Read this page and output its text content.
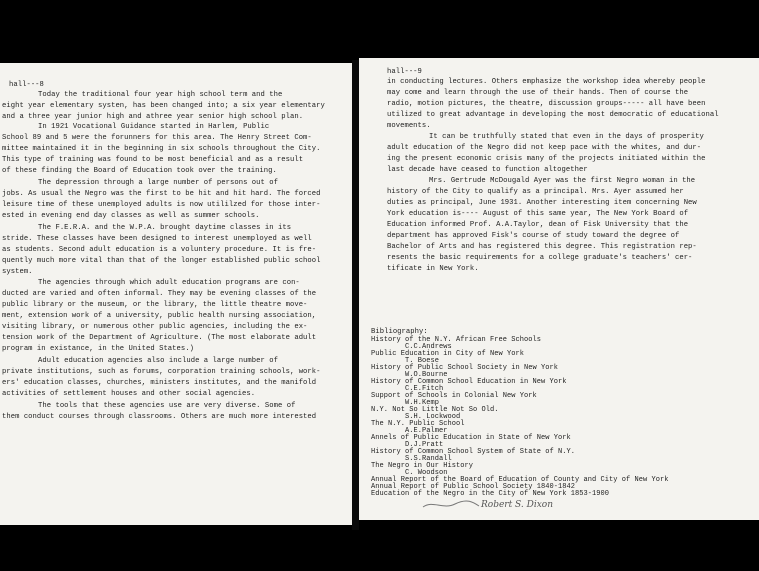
hall---8
Today the traditional four year high school term and the
eight year elementary systen, has been changed into; a six year elementary
and a three year junior high and athree year senior high school plan.
In 1921 Vocational Guidance started in Harlem, Public
School 89 and 5 were the forunners for this area. The Henry Street Com-
mittee maintained it in the beginning in six schools throughout the City.
This type of training was found to be most beneficial and as a result
of these finding the Board of Education took over the training.
The depression through a large number of persons out of
jobs. As usual the Negro was the first to be hit and hit hard. The forced
leisure time of these unemployed adults is now utililzed for those inter-
ested in evening end day classes as well as summer schools.
The F.E.R.A. and the W.P.A. brought daytime classes in its
stride. These classes have been designed to interest unemployed as well
as students. Second adult education is a voluntery procedure. It is fre-
quently much more vital than that of the longer established public school
system.
The agencies through which adult education programs are con-
ducted are varied and often informal. They may be evening classes of the
public library or the museum, or the library, the little theatre move-
ment, extension work of a university, public health nursing association,
visiting library, or numerous other public agencies, including the ex-
tension work of the Department of Agriculture. (The most elaborate adult
program in existance, in the United States.)
Adult education agencies also include a large number of
private institutions, such as forums, corporation training schools, work-
ers' education classes, churches, ministers institutes, and the manifold
activities of settlement houses and other social agencies.
The tools that these agencies use are very diverse. Some of
them conduct courses through classrooms. Others are much more interested
hall---9
in conducting lectures. Others emphasize the workshop idea whereby people
may come and learn through the use of their hands. Then of course the
radio, motion pictures, the theatre, discussion groups----- all have been
utilized to great advantage in developing the most democratic of educational
movements.
It can be truthfully stated that even in the days of prosperity
adult education of the Negro did not keep pace with the whites, and dur-
ing the present economic crisis many of the projects initiated within the
last decade have ceased to function altogether
Mrs. Gertrude McDougald Ayer was the first Negro woman in the
history of the City to qualify as a principal. Mrs. Ayer assumed her
duties as principal, June 1931. Another interesting item concerning New
York education is---- August of this same year, The New York Board of
Education informed Prof. A.A.Taylor, dean of Fisk University that the
department has approved Fisk's course of study toward the degree of
Bachelor of Arts and has registered this degree. This registration rep-
resents the basic requirements for a college graduate's teachers' cer-
tificate in New York.
Bibliography:
History of the N.Y. African Free Schools
C.C.Andrews
Public Education in City of New York
T. Boese
History of Public School Society in New York
W.O.Bourne
History of Common School Education in New York
C.E.Fitch
Support of Schools in Colonial New York
W.H.Kemp
N.Y. Not So Little Not So Old.
S.H. Lockwood
The N.Y. Public School
A.E.Palmer
Annels of Public Education in State of New York
D.J.Pratt
History of Common School System of State of N.Y.
S.S.Randall
The Negro in Our History
C. Woodson
Annual Report of the Board of Education of County and City of New York
Annual Report of Public School Society 1840-1842
Education of the Negro in the City of New York 1853-1900
Robert S. Dixon
